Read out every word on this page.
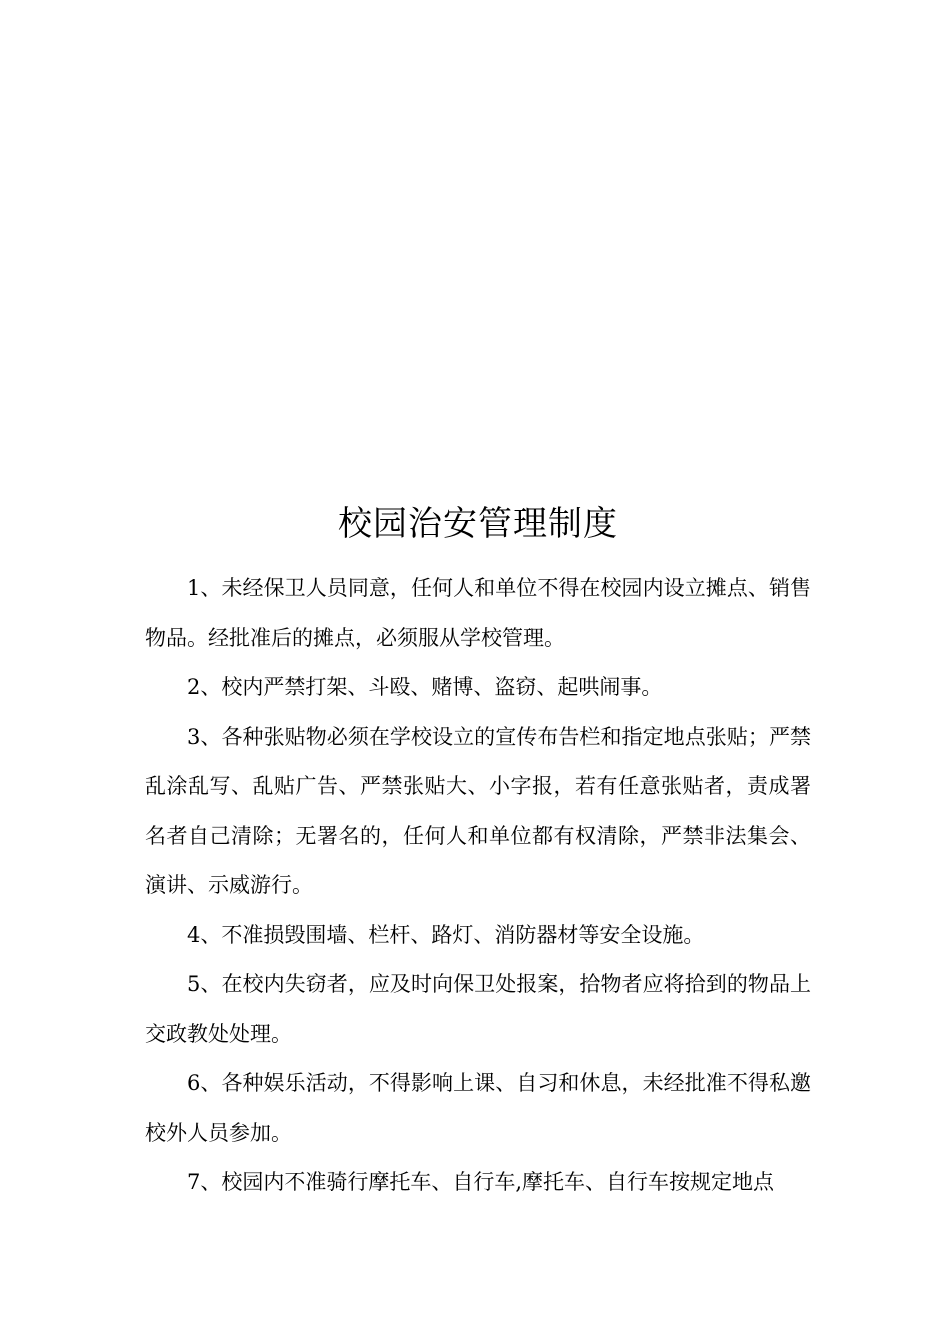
校园治安管理制度

1、未经保卫人员同意，任何人和单位不得在校园内设立摊点、销售物品。经批准后的摊点，必须服从学校管理。

2、校内严禁打架、斗殴、赌博、盗窃、起哄闹事。

3、各种张贴物必须在学校设立的宣传布告栏和指定地点张贴；严禁乱涂乱写、乱贴广告、严禁张贴大、小字报，若有任意张贴者，责成署名者自己清除；无署名的，任何人和单位都有权清除，严禁非法集会、演讲、示威游行。

4、不准损毁围墙、栏杆、路灯、消防器材等安全设施。

5、在校内失窃者，应及时向保卫处报案，拾物者应将拾到的物品上交政教处处理。

6、各种娱乐活动，不得影响上课、自习和休息，未经批准不得私邀校外人员参加。

7、校园内不准骑行摩托车、自行车,摩托车、自行车按规定地点
